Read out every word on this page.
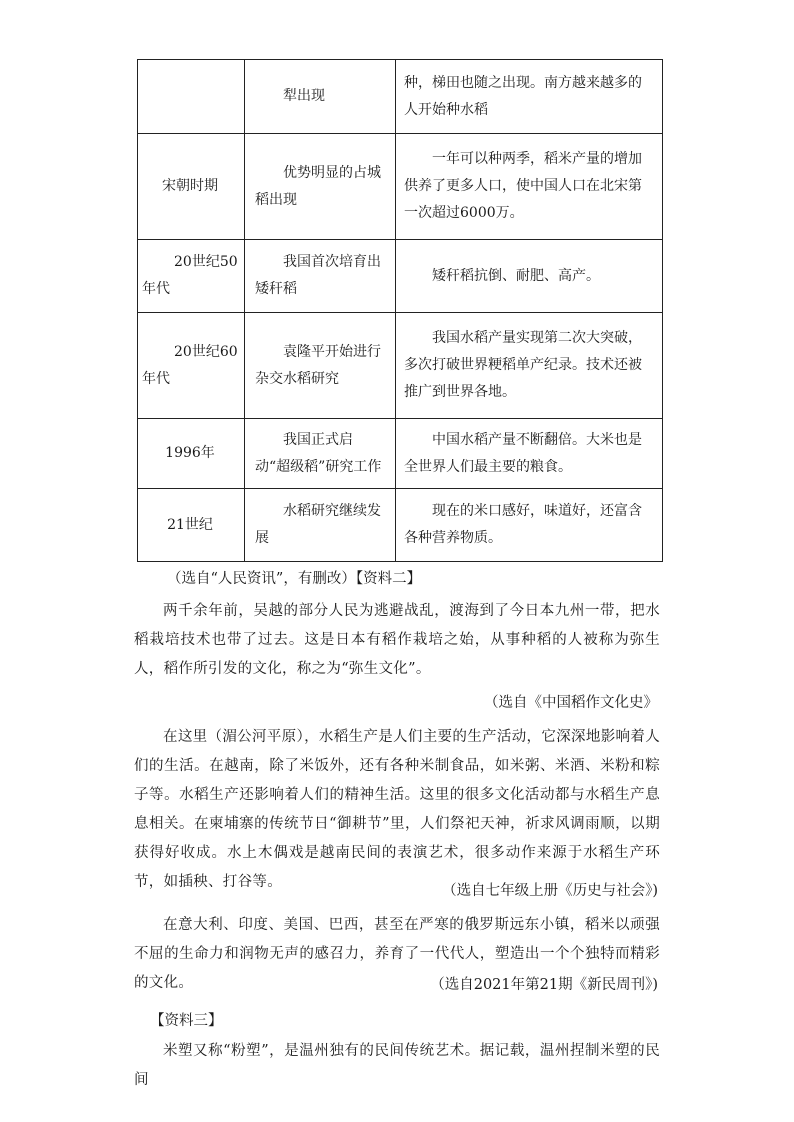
	犁出现	种，梯田也随之出现。南方越来越多的人开始种水稻

宋朝时期	优势明显的占城稻出现	一年可以种两季，稻米产量的增加供养了更多人口，使中国人口在北宋第一次超过6000万。

20世纪50年代	我国首次培育出矮秆稻	矮秆稻抗倒、耐肥、高产。

20世纪60年代	袁隆平开始进行杂交水稻研究	我国水稻产量实现第二次大突破，多次打破世界粳稻单产纪录。技术还被推广到世界各地。

1996年	我国正式启动“超级稻”研究工作	中国水稻产量不断翻倍。大米也是全世界人们最主要的粮食。

21世纪	水稻研究继续发展	现在的米口感好，味道好，还富含各种营养物质。

（选自“人民资讯”，有删改）【资料二】

两千余年前，吴越的部分人民为逃避战乱，渡海到了今日本九州一带，把水稻栽培技术也带了过去。这是日本有稻作栽培之始，从事种稻的人被称为弥生人，稻作所引发的文化，称之为“弥生文化”。

（选自《中国稻作文化史》

在这里（湄公河平原），水稻生产是人们主要的生产活动，它深深地影响着人们的生活。在越南，除了米饭外，还有各种米制食品，如米粥、米酒、米粉和粽子等。水稻生产还影响着人们的精神生活。这里的很多文化活动都与水稻生产息息相关。在柬埔寨的传统节日“御耕节”里，人们祭祀天神，祈求风调雨顺，以期获得好收成。水上木偶戏是越南民间的表演艺术，很多动作来源于水稻生产环节，如插秧、打谷等。

（选自七年级上册《历史与社会》)

在意大利、印度、美国、巴西，甚至在严寒的俄罗斯远东小镇，稻米以顽强不屈的生命力和润物无声的感召力，养育了一代代人，塑造出一个个独特而精彩的文化。	（选自2021年第21期《新民周刊》)

【资料三】

米塑又称“粉塑”，是温州独有的民间传统艺术。据记载，温州捏制米塑的民间
